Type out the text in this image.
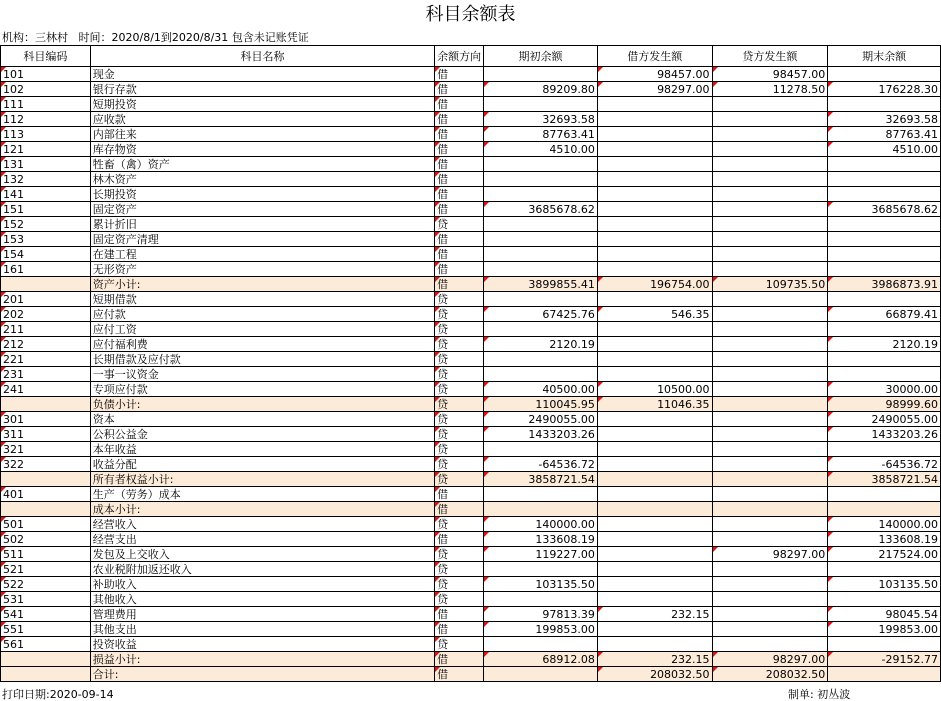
科目余额表
机构：三林村 时间：2020/8/1到2020/8/31 包含未记账凭证
科目编码	科目名称	余额方向	期初余额	借方发生额	贷方发生额	期末余额
101	现金	借		98457.00	98457.00	
102	银行存款	借	89209.80	98297.00	11278.50	176228.30
111	短期投资	借				
112	应收款	借	32693.58			32693.58
113	内部往来	借	87763.41			87763.41
121	库存物资	借	4510.00			4510.00
131	牲畜（禽）资产	借				
132	林木资产	借				
141	长期投资	借				
151	固定资产	借	3685678.62			3685678.62
152	累计折旧	贷				
153	固定资产清理	借				
154	在建工程	借				
161	无形资产	借				
	资产小计:	借	3899855.41	196754.00	109735.50	3986873.91
201	短期借款	贷				
202	应付款	贷	67425.76	546.35		66879.41
211	应付工资	贷				
212	应付福利费	贷	2120.19			2120.19
221	长期借款及应付款	贷				
231	一事一议资金	贷				
241	专项应付款	贷	40500.00	10500.00		30000.00
	负债小计:	贷	110045.95	11046.35		98999.60
301	资本	贷	2490055.00			2490055.00
311	公积公益金	贷	1433203.26			1433203.26
321	本年收益	贷				
322	收益分配	贷	-64536.72			-64536.72
	所有者权益小计:	贷	3858721.54			3858721.54
401	生产（劳务）成本	借				
	成本小计:	借				
501	经营收入	贷	140000.00			140000.00
502	经营支出	借	133608.19			133608.19
511	发包及上交收入	贷	119227.00		98297.00	217524.00
521	农业税附加返还收入	贷				
522	补助收入	贷	103135.50			103135.50
531	其他收入	贷				
541	管理费用	借	97813.39	232.15		98045.54
551	其他支出	借	199853.00			199853.00
561	投资收益	贷				
	损益小计:	借	68912.08	232.15	98297.00	-29152.77
	合计:	借		208032.50	208032.50	
打印日期:2020-09-14	制单: 初丛波
